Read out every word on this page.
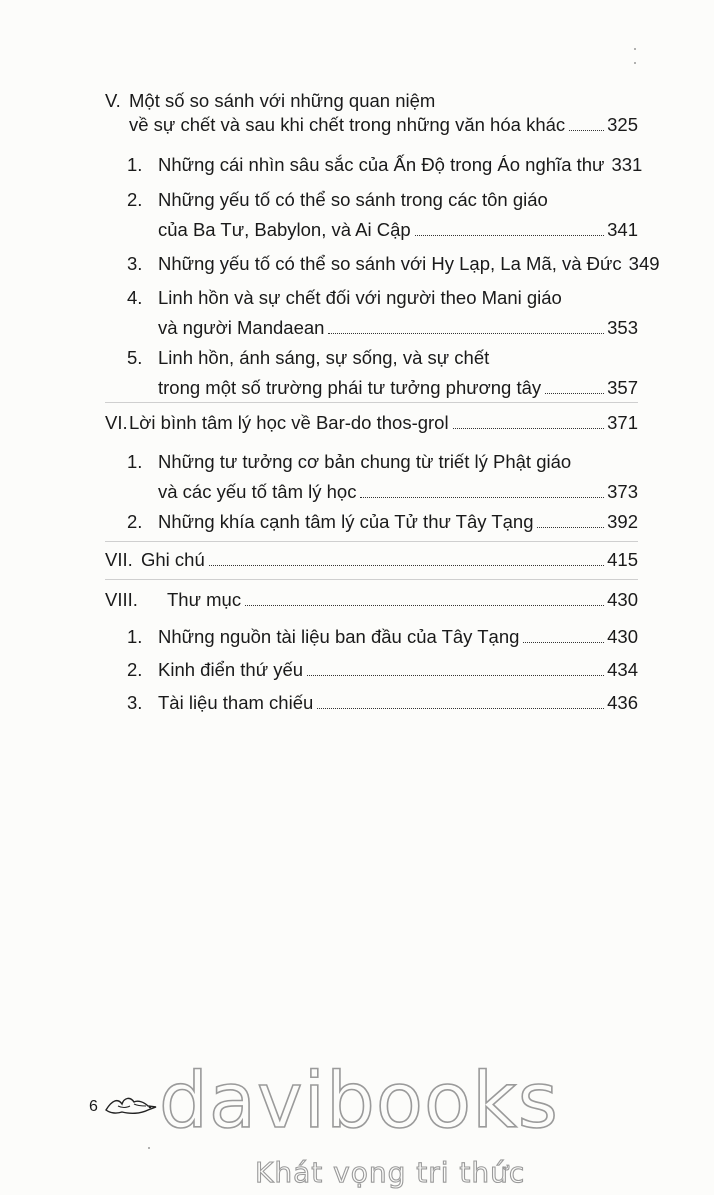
V. Một số so sánh với những quan niệm
về sự chết và sau khi chết trong những văn hóa khác 325
1. Những cái nhìn sâu sắc của Ấn Độ trong Áo nghĩa thư 331
2. Những yếu tố có thể so sánh trong các tôn giáo
của Ba Tư, Babylon, và Ai Cập	341
3. Những yếu tố có thể so sánh với Hy Lạp, La Mã, và Đức 349
4. Linh hồn và sự chết đối với người theo Mani giáo
và người Mandaean	353
5. Linh hồn, ánh sáng, sự sống, và sự chết
trong một số trường phái tư tưởng phương tây	357
VI. Lời bình tâm lý học về Bar-do thos-grol	371
1. Những tư tưởng cơ bản chung từ triết lý Phật giáo
và các yếu tố tâm lý học	373
2. Những khía cạnh tâm lý của Tử thư Tây Tạng	392
VII. Ghi chú	415
VIII. Thư mục	430
1. Những nguồn tài liệu ban đầu của Tây Tạng	430
2. Kinh điển thứ yếu	434
3. Tài liệu tham chiếu	436
6 davibooks
Khát vọng tri thức
